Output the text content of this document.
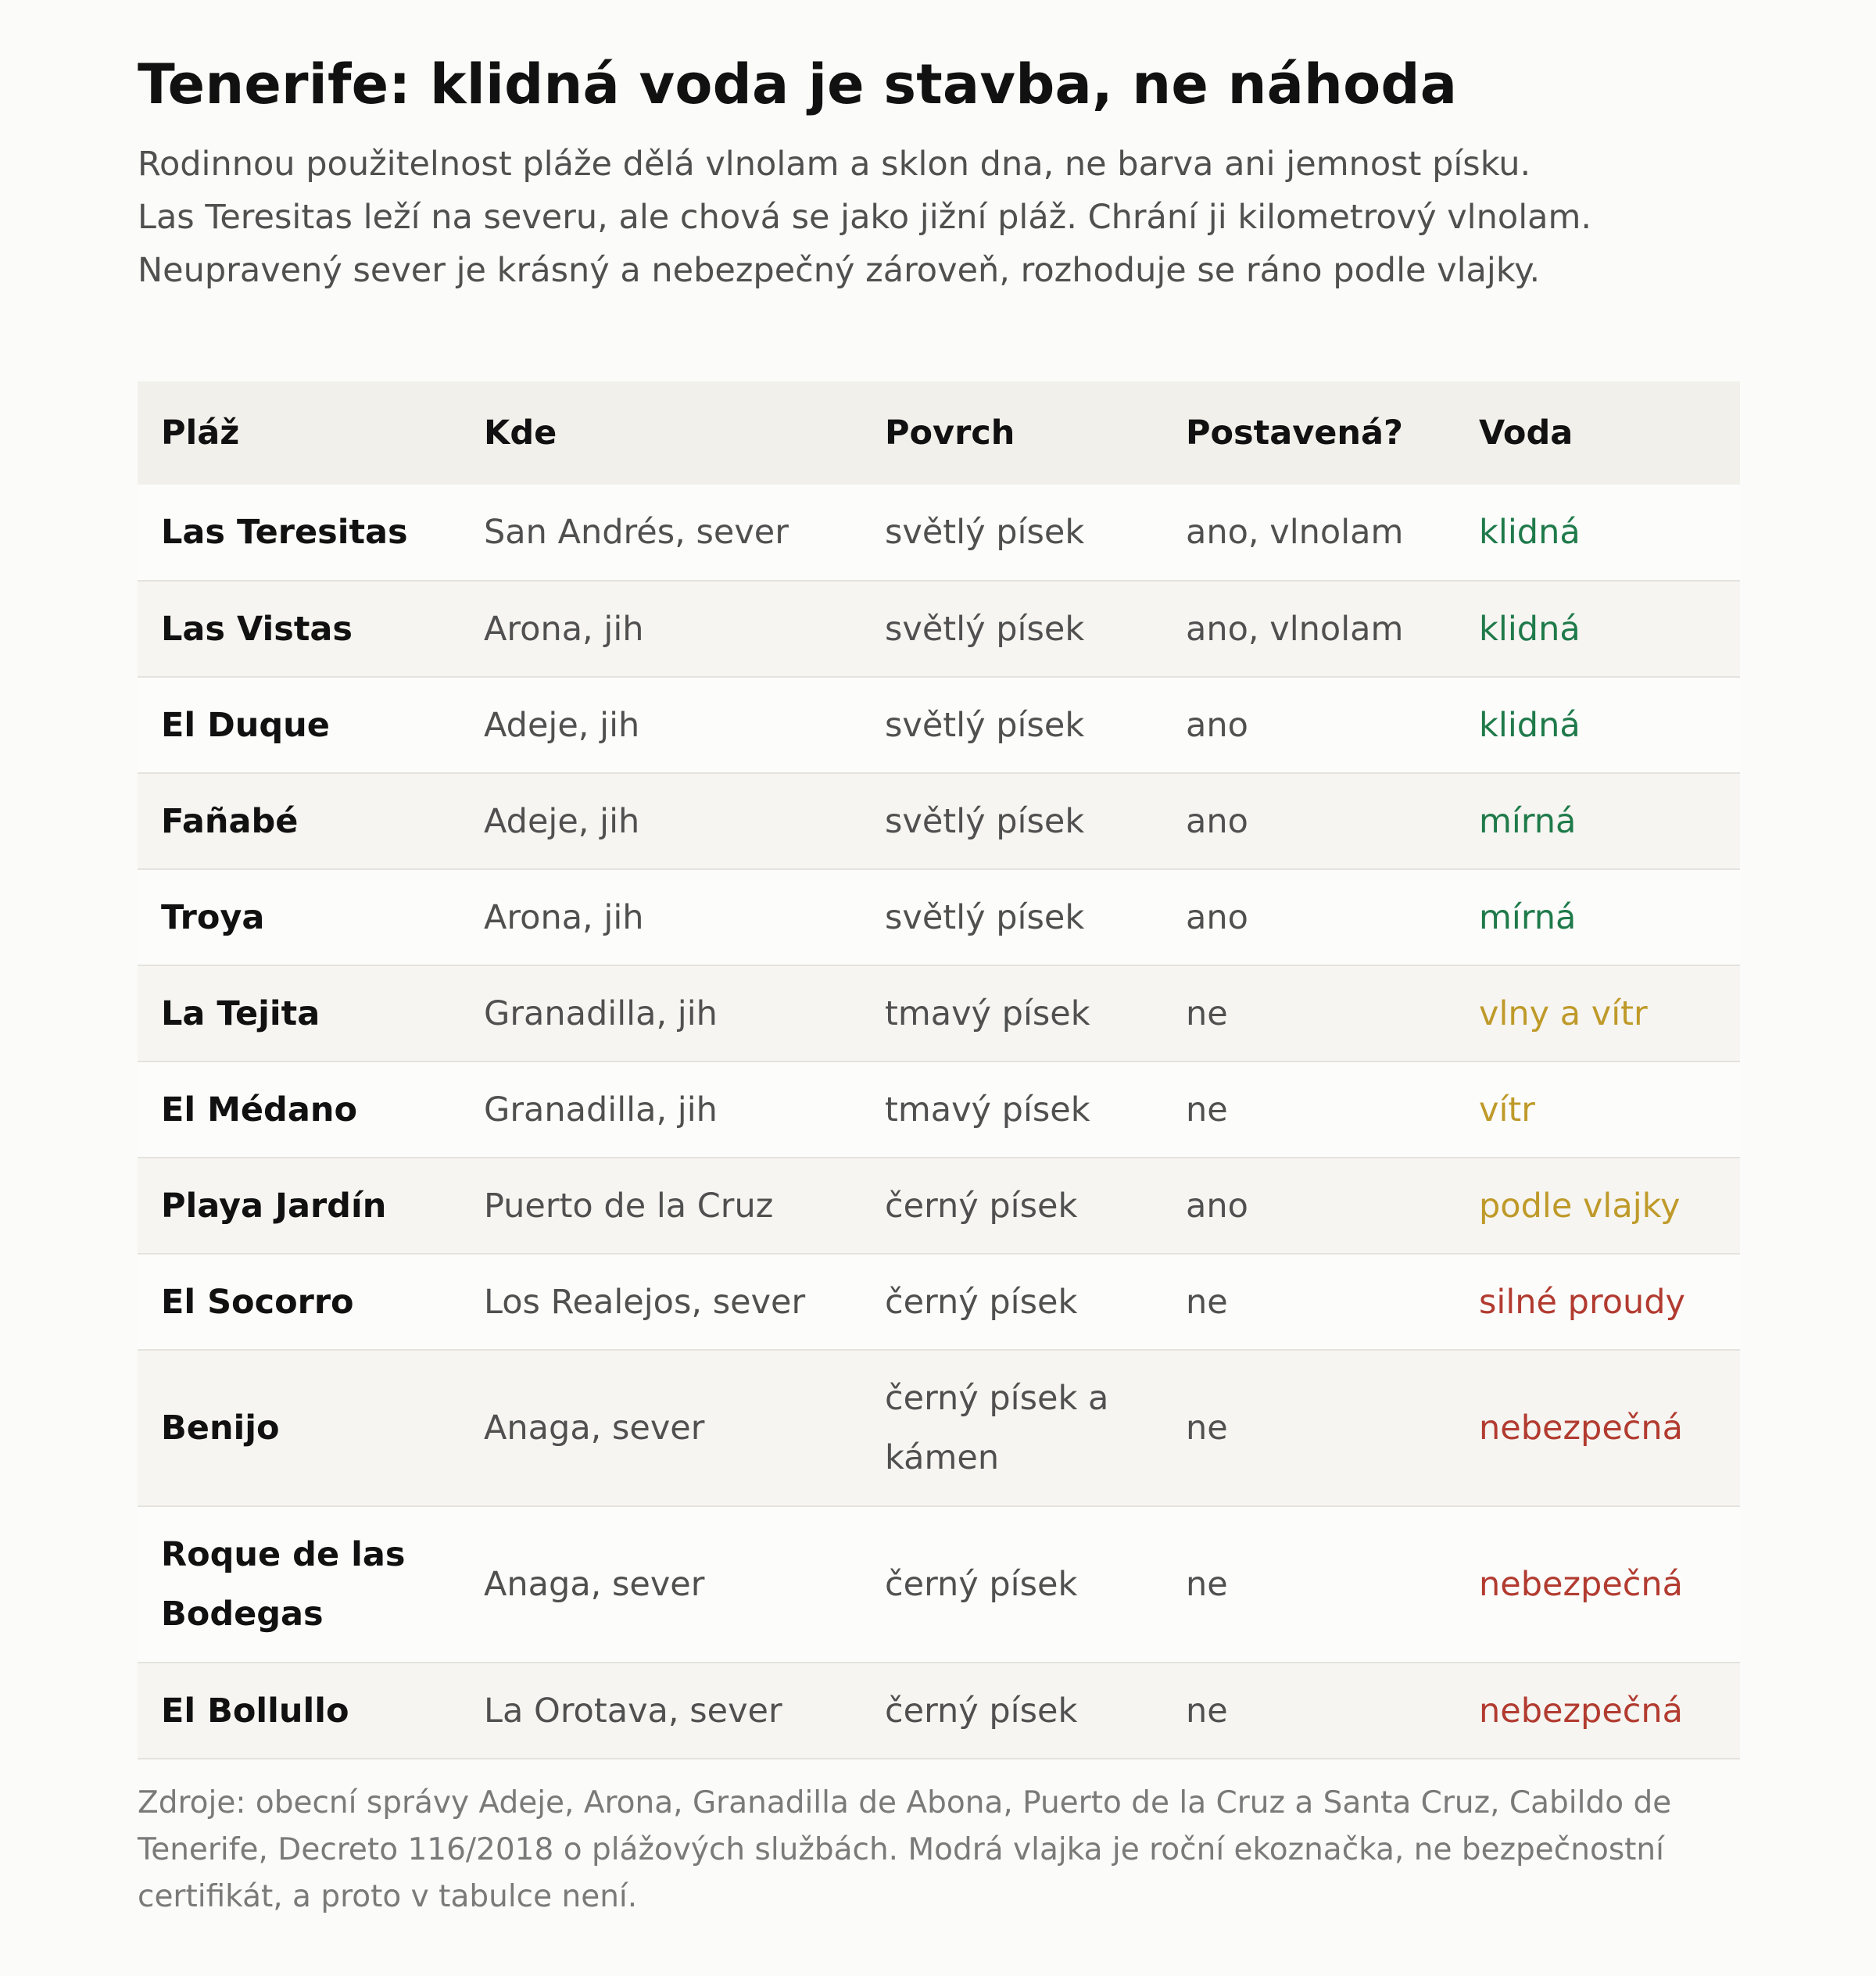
Tenerife: klidná voda je stavba, ne náhoda

Rodinnou použitelnost pláže dělá vlnolam a sklon dna, ne barva ani jemnost písku.

Las Teresitas leží na severu, ale chová se jako jižní pláž. Chrání ji kilometrový vlnolam.

Neupravený sever je krásný a nebezpečný zároveň, rozhoduje se ráno podle vlajky.

Pláž	Kde	Povrch	Postavená?	Voda
Las Teresitas	San Andrés, sever	světlý písek	ano, vlnolam	klidná
Las Vistas	Arona, jih	světlý písek	ano, vlnolam	klidná
El Duque	Adeje, jih	světlý písek	ano	klidná
Fañabé	Adeje, jih	světlý písek	ano	mírná
Troya	Arona, jih	světlý písek	ano	mírná
La Tejita	Granadilla, jih	tmavý písek	ne	vlny a vítr
El Médano	Granadilla, jih	tmavý písek	ne	vítr
Playa Jardín	Puerto de la Cruz	černý písek	ano	podle vlajky
El Socorro	Los Realejos, sever	černý písek	ne	silné proudy
Benijo	Anaga, sever	černý písek a kámen	ne	nebezpečná
Roque de las Bodegas	Anaga, sever	černý písek	ne	nebezpečná
El Bollullo	La Orotava, sever	černý písek	ne	nebezpečná

Zdroje: obecní správy Adeje, Arona, Granadilla de Abona, Puerto de la Cruz a Santa Cruz, Cabildo de Tenerife, Decreto 116/2018 o plážových službách. Modrá vlajka je roční ekoznačka, ne bezpečnostní certifikát, a proto v tabulce není.
